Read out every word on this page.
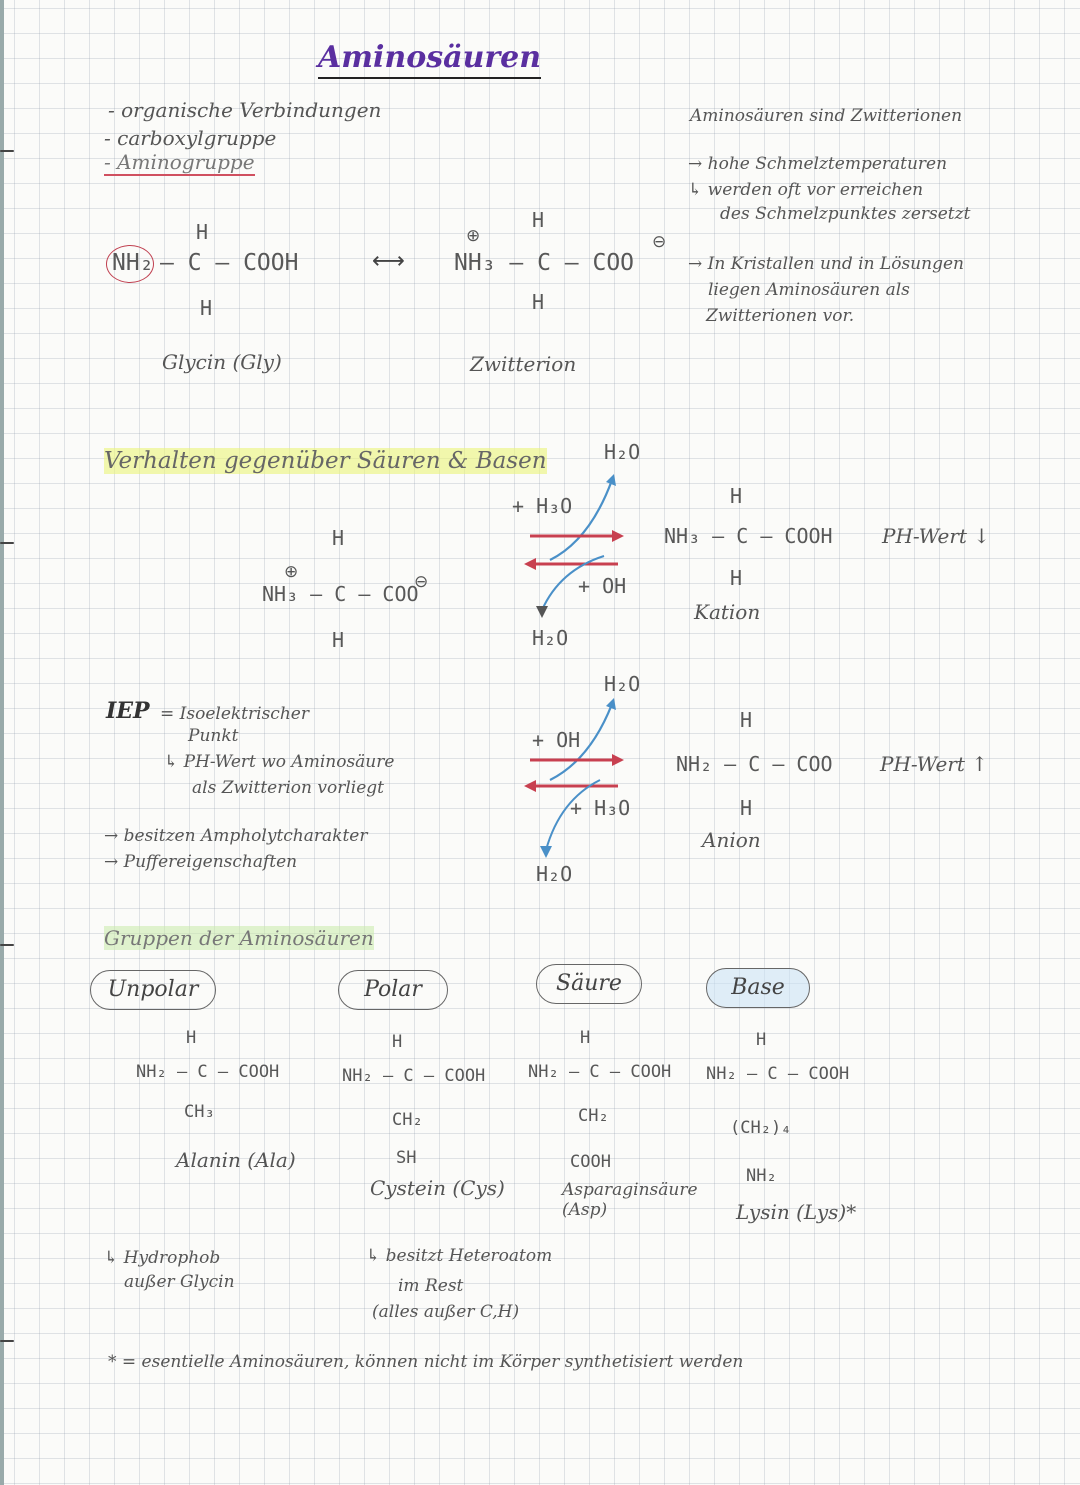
Aminosäuren
- organische Verbindungen
- carboxylgruppe
- Aminogruppe
H
NH₂ – C – COOH
H
Glycin (Gly)
⟷
⊕
H
NH₃ – C – COO
⊖
H
Zwitterion
Aminosäuren sind Zwitterionen
→ hohe Schmelztemperaturen
↳ werden oft vor erreichen
des Schmelzpunktes zersetzt
→ In Kristallen und in Lösungen
liegen Aminosäuren als
Zwitterionen vor.
Verhalten gegenüber Säuren & Basen
H
⊕
NH₃ – C – COO
⊖
H
H₂O
+ H₃O
+ OH
H₂O
H₂O
+ OH
+ H₃O
H₂O
H
NH₃ – C – COOH
H
Kation
PH-Wert ↓
H
NH₂ – C – COO
H
Anion
PH-Wert ↑
IEP = Isoelektrischer
Punkt
↳ PH-Wert wo Aminosäure
als Zwitterion vorliegt
→ besitzen Ampholytcharakter
→ Puffereigenschaften
Gruppen der Aminosäuren
Unpolar	Polar	Säure	Base
H
NH₂ – C – COOH
CH₃
Alanin (Ala)
H
NH₂ – C – COOH
CH₂
SH
Cystein (Cys)
H
NH₂ – C – COOH
CH₂
COOH
Asparaginsäure (Asp)
H
NH₂ – C – COOH
(CH₂)₄
NH₂
Lysin (Lys)*
↳ Hydrophob
außer Glycin
↳ besitzt Heteroatom
im Rest
(alles außer C,H)
* = esentielle Aminosäuren, können nicht im Körper synthetisiert werden
